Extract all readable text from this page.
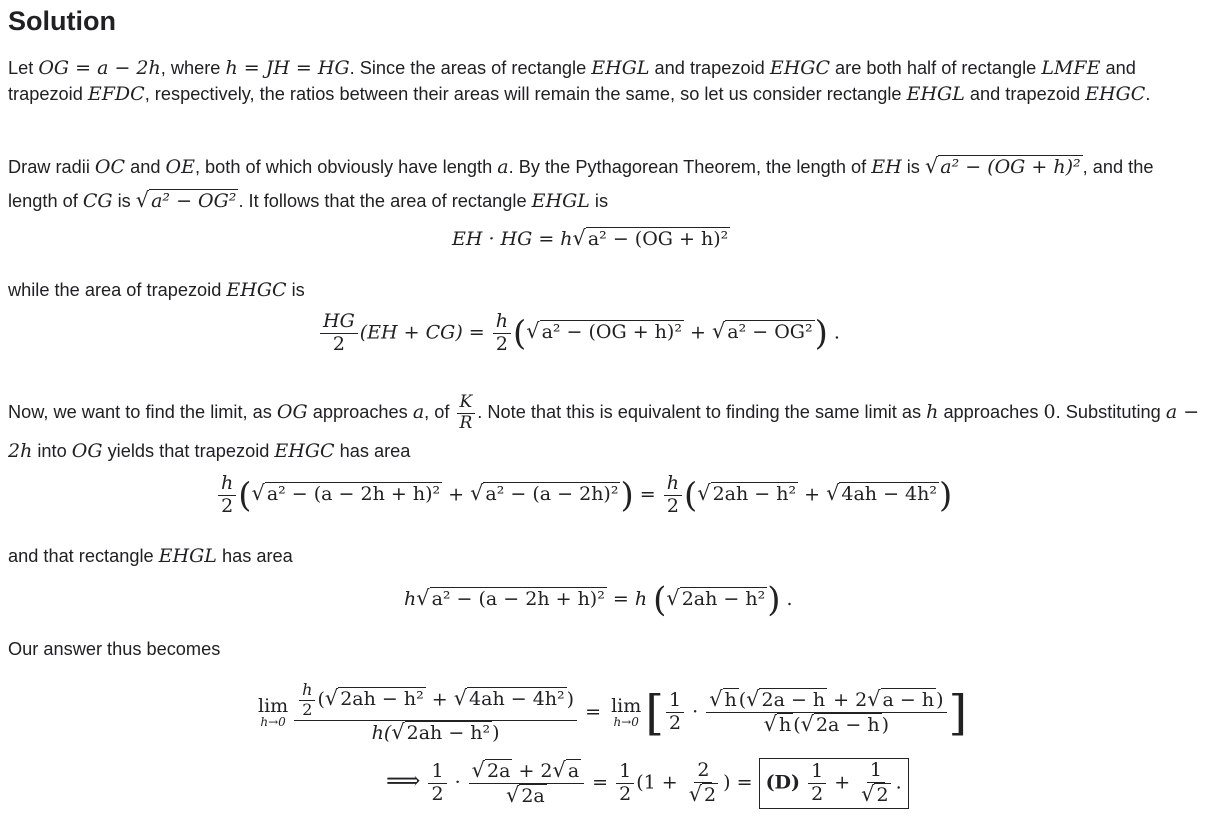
Solution

Let OG = a − 2h, where h = JH = HG. Since the areas of rectangle EHGL and trapezoid EHGC are both half of rectangle LMFE and trapezoid EFDC, respectively, the ratios between their areas will remain the same, so let us consider rectangle EHGL and trapezoid EHGC.

Draw radii OC and OE, both of which obviously have length a. By the Pythagorean Theorem, the length of EH is √ a² − (OG + h)² , and the length of CG is √ a² − OG² . It follows that the area of rectangle EHGL is

EH · HG = h√ a² − (OG + h)²

while the area of trapezoid EHGC is

$\frac{HG}{2} (EH + CG) = \frac{h}{2}$ (√ a² − (OG + h)² + √ a² − OG²) .

Now, we want to find the limit, as OG approaches a, of $\frac{K}{R}$ . Note that this is equivalent to finding the same limit as h approaches 0. Substituting a − 2h into OG yields that trapezoid EHGC has area

$\frac{h}{2}$ (√ a² − (a − 2h + h)² + √ $a^2 - (a - 2h)^2) = \frac{h}{2}$ (√ 2ah − h² + √ 4ah − 4h²)

and that rectangle EHGL has area

h√ a² − (a − 2h + h)² = h (√ 2ah − h²) .

Our answer thus becomes

lim
$h\to 0 \frac{\frac{h}{2} (√ 2ah - h^2 + √ 4ah - 4h^2 )}{\text{h(√ 2ah − h² )}} = \lim$
h→0 [ $\frac{1}{2} \cdot \frac{√ h (√ 2a - h + 2√ a - h )}{√ h (√ 2a - h )}$ ]
⟹ $\frac{1}{2} \cdot \frac{√ 2a + 2√ a}{√ 2a} = \frac{1}{2} (1 + \frac{2}{√ 2}$ ) = $(D) \frac{1}{2} + \frac{1}{√ 2}$ .
